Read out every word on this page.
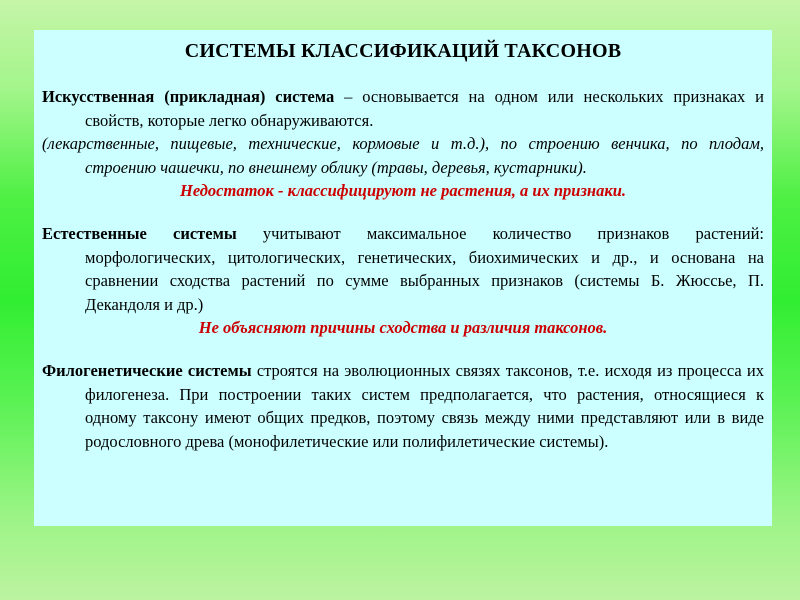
СИСТЕМЫ КЛАССИФИКАЦИЙ ТАКСОНОВ

Искусственная (прикладная) система – основывается на одном или нескольких признаках и свойств, которые легко обнаруживаются.

(лекарственные, пищевые, технические, кормовые и т.д.), по строению венчика, по плодам, строению чашечки, по внешнему облику (травы, деревья, кустарники).

Недостаток - классифицируют не растения, а их признаки.

Естественные системы учитывают максимальное количество признаков растений: морфологических, цитологических, генетических, биохимических и др., и основана на сравнении сходства растений по сумме выбранных признаков (системы Б. Жюссье, П. Декандоля и др.)

Не объясняют причины сходства и различия таксонов.

Филогенетические системы строятся на эволюционных связях таксонов, т.е. исходя из процесса их филогенеза. При построении таких систем предполагается, что растения, относящиеся к одному таксону имеют общих предков, поэтому связь между ними представляют или в виде родословного древа (монофилетические или полифилетические системы).
